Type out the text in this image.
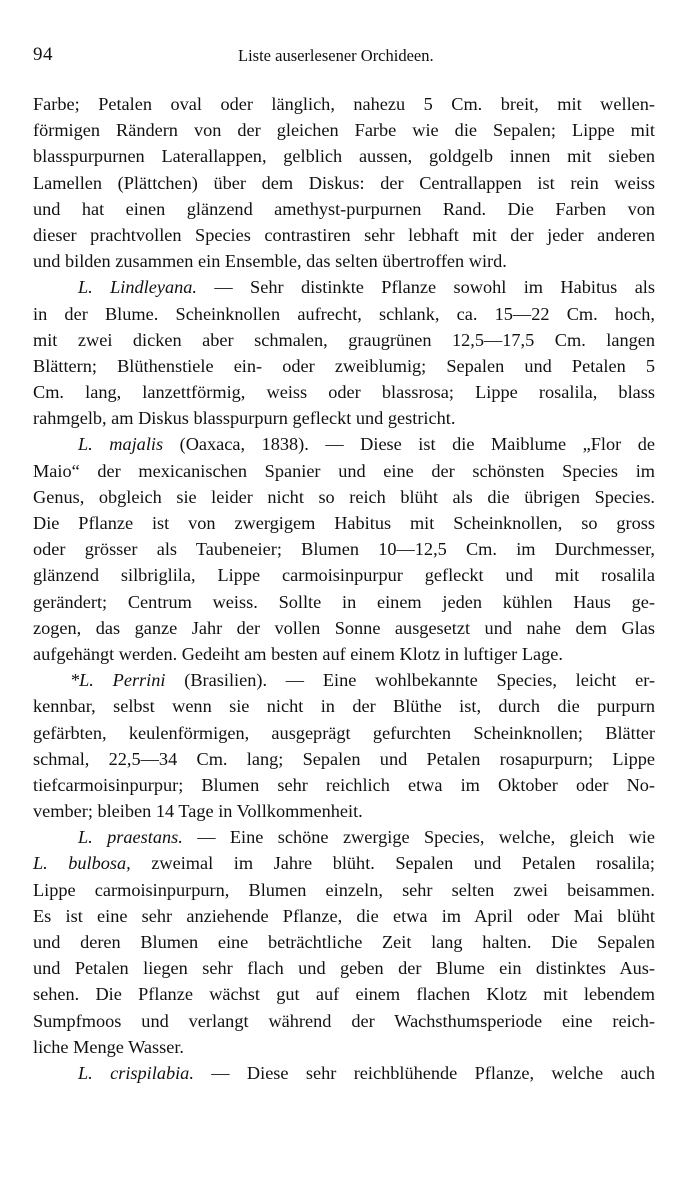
94	Liste auserlesener Orchideen.
Farbe; Petalen oval oder länglich, nahezu 5 Cm. breit, mit wellen-
förmigen Rändern von der gleichen Farbe wie die Sepalen; Lippe mit
blasspurpurnen Laterallappen, gelblich aussen, goldgelb innen mit sieben
Lamellen (Plättchen) über dem Diskus: der Centrallappen ist rein weiss
und hat einen glänzend amethyst-purpurnen Rand. Die Farben von
dieser prachtvollen Species contrastiren sehr lebhaft mit der jeder anderen
und bilden zusammen ein Ensemble, das selten übertroffen wird.
L. Lindleyana. — Sehr distinkte Pflanze sowohl im Habitus als
in der Blume. Scheinknollen aufrecht, schlank, ca. 15—22 Cm. hoch,
mit zwei dicken aber schmalen, graugrünen 12,5—17,5 Cm. langen
Blättern; Blüthenstiele ein- oder zweiblumig; Sepalen und Petalen 5
Cm. lang, lanzettförmig, weiss oder blassrosa; Lippe rosalila, blass
rahmgelb, am Diskus blasspurpurn gefleckt und gestricht.
L. majalis (Oaxaca, 1838). — Diese ist die Maiblume „Flor de
Maio“ der mexicanischen Spanier und eine der schönsten Species im
Genus, obgleich sie leider nicht so reich blüht als die übrigen Species.
Die Pflanze ist von zwergigem Habitus mit Scheinknollen, so gross
oder grösser als Taubeneier; Blumen 10—12,5 Cm. im Durchmesser,
glänzend silbriglila, Lippe carmoisinpurpur gefleckt und mit rosalila
gerändert; Centrum weiss. Sollte in einem jeden kühlen Haus ge-
zogen, das ganze Jahr der vollen Sonne ausgesetzt und nahe dem Glas
aufgehängt werden. Gedeiht am besten auf einem Klotz in luftiger Lage.
*L. Perrini (Brasilien). — Eine wohlbekannte Species, leicht er-
kennbar, selbst wenn sie nicht in der Blüthe ist, durch die purpurn
gefärbten, keulenförmigen, ausgeprägt gefurchten Scheinknollen; Blätter
schmal, 22,5—34 Cm. lang; Sepalen und Petalen rosapurpurn; Lippe
tiefcarmoisinpurpur; Blumen sehr reichlich etwa im Oktober oder No-
vember; bleiben 14 Tage in Vollkommenheit.
L. praestans. — Eine schöne zwergige Species, welche, gleich wie
L. bulbosa, zweimal im Jahre blüht. Sepalen und Petalen rosalila;
Lippe carmoisinpurpurn, Blumen einzeln, sehr selten zwei beisammen.
Es ist eine sehr anziehende Pflanze, die etwa im April oder Mai blüht
und deren Blumen eine beträchtliche Zeit lang halten. Die Sepalen
und Petalen liegen sehr flach und geben der Blume ein distinktes Aus-
sehen. Die Pflanze wächst gut auf einem flachen Klotz mit lebendem
Sumpfmoos und verlangt während der Wachsthumsperiode eine reich-
liche Menge Wasser.
L. crispilabia. — Diese sehr reichblühende Pflanze, welche auch
